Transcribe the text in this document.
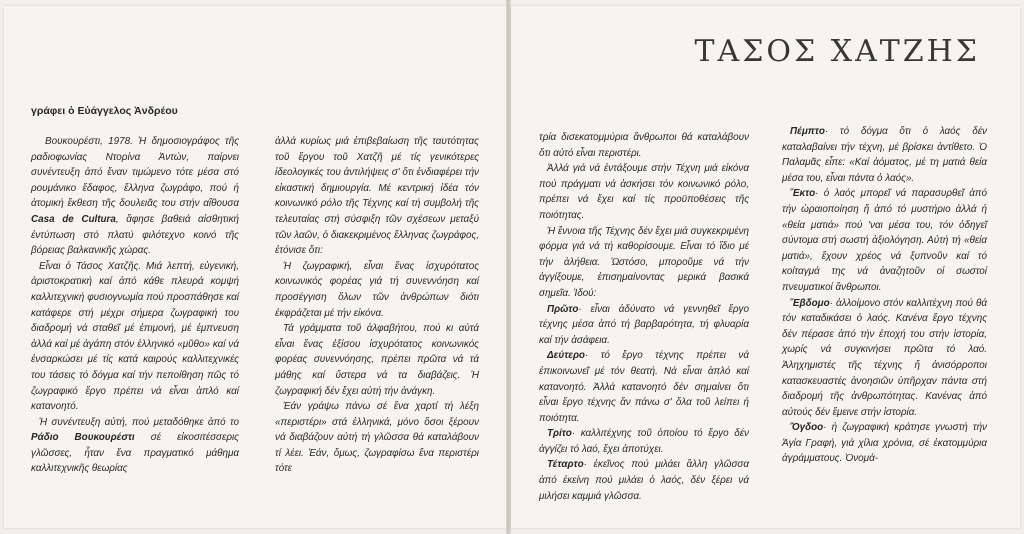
γράφει ὁ Εὐάγγελος Ἀνδρέου

Βουκουρέστι, 1978. Ἡ δημοσιογράφος τῆς ραδιοφωνίας Ντορίνα Ἀντών, παίρνει συνέντευξη ἀπό ἕναν τιμώμενο τότε μέσα στό ρουμάνικο ἔδαφος, ἕλληνα ζωγράφο, πού ἡ ἀτομική ἔκθεση τῆς δουλειᾶς του στήν αἴθουσα Casa de Cultura, ἄφησε βαθειά αἰσθητική ἐντύπωση στό πλατύ φιλότεχνο κοινό τῆς βόρειας βαλκανικῆς χώρας.

Εἶναι ὁ Τάσος Χατζῆς. Μιά λεπτή, εὐγενική, ἀριστοκρατική καί ἀπό κάθε πλευρά κομψή καλλιτεχνική φυσιογνωμία πού προσπάθησε καί κατάφερε στή μέχρι σήμερα ζωγραφική του διαδρομή νά σταθεῖ μέ ἐπιμονή, μέ ἐμπνευση ἀλλά καί μέ ἀγάπη στόν ἑλληνικό «μῦθο» καί νά ἐνσαρκώσει μέ τίς κατά καιρούς καλλιτεχνικές του τάσεις τό δόγμα καί τήν πεποίθηση πῶς τό ζωγραφικό ἔργο πρέπει νά εἶναι ἀπλό καί κατανοητό.

Ἡ συνέντευξη αὐτή, πού μεταδόθηκε ἀπό το Ράδιο Βουκουρέστι σέ εἰκοσιτέσσερις γλῶσσες, ἦταν ἕνα πραγματικό μάθημα καλλιτεχνικῆς θεωρίας

ἀλλά κυρίως μιά ἐπιβεβαίωση τῆς ταυτότητας τοῦ ἔργου τοῦ Χατζῆ μέ τίς γενικότερες ἰδεολογικές του ἀντιλήψεις σ' ὅτι ἐνδιαφέρει τήν εἰκαστική δημιουργία. Μέ κεντρική ἰδέα τόν κοινωνικό ρόλο τῆς Τέχνης καί τή συμβολή τῆς τελευταίας στή σύσφιξη τῶν σχέσεων μεταξύ τῶν λαῶν, ὁ διακεκριμένος ἕλληνας ζωγράφος, ἐτόνισε ὅτι:

Ἡ ζωγραφική, εἶναι ἕνας ἰσχυρότατος κοινωνικός φορέας γιά τή συνεννόηση καί προσέγγιση ὅλων τῶν ἀνθρώπων διότι ἐκφράζεται μέ τήν εἰκόνα.

Τά γράμματα τοῦ ἀλφαβήτου, πού κι αὐτά εἶναι ἕνας ἐξίσου ἰσχυρότατος κοινωνικός φορέας συνεννόησης, πρέπει πρῶτα νά τά μάθης καί ὕστερα νά τα διαβάζεις. Ἡ ζωγραφική δέν ἔχει αὐτή τήν ἀνάγκη.

Ἐάν γράψω πάνω σέ ἕνα χαρτί τή λέξη «περιστέρι» στά ἑλληνικά, μόνο ὅσοι ξέρουν νά διαβάζουν αὐτή τή γλῶσσα θά καταλάβουν τί λέει. Ἐάν, ὅμως, ζωγραφίσω ἕνα περιστέρι τότε

ΤΑΣΟΣ ΧΑΤΖΗΣ

τρία δισεκατομμύρια ἄνθρωποι θά καταλάβουν ὅτι αὐτό εἶναι περιστέρι.

Ἀλλά γιά νά ἐντάξουμε στήν Τέχνη μιά εἰκόνα πού πράγματι νά ἀσκήσει τόν κοινωνικό ρόλο, πρέπει νά ἔχει καί τίς προϋποθέσεις τῆς ποιότητας.

Ἡ ἔννοια τῆς Τέχνης δέν ἔχει μιά συγκεκριμένη φόρμα γιά νά τή καθορίσουμε. Εἶναι τό ἴδιο μέ τήν ἀλήθεια. Ὡστόσο, μποροῦμε νά τήν ἀγγίξουμε, ἐπισημαίνοντας μερικά βασικά σημεῖα. Ἰδού:

Πρῶτο· εἶναι ἀδύνατο νά γεννηθεῖ ἔργο τέχνης μέσα ἀπό τή βαρβαρότητα, τή φλυαρία καί τήν ἀσάφεια.

Δεύτερο· τό ἔργο τέχνης πρέπει νά ἐπικοινωνεῖ μέ τόν θεατή. Νά εἶναι ἁπλό καί κατανοητό. Ἀλλά κατανοητό δέν σημαίνει ὅτι εἶναι ἔργο τέχνης ἄν πάνω σ' ὅλα τοῦ λείπει ἡ ποιότητα.

Τρίτο· καλλιτέχνης τοῦ ὁποίου τό ἔργο δέν ἀγγίζει τό λαό, ἔχει ἀποτύχει.

Τέταρτο· ἐκεῖνος πού μιλάει ἄλλη γλῶσσα ἀπό ἐκείνη πού μιλάει ὁ λαός, δέν ξέρει νά μιλήσει καμμιά γλῶσσα.

Πέμπτο· τό δόγμα ὅτι ὁ λαός δέν καταλαβαίνει τήν τέχνη, μέ βρίσκει ἀντίθετο. Ὁ Παλαμᾶς εἶπε: «Καί ἀόματος, μέ τη ματιά θεία μέσα του, εἶναι πάντα ὁ λαός».

Ἕκτο· ὁ λαός μπορεῖ νά παρασυρθεῖ ἀπό τήν ὡραιοποίηση ἤ ἀπό τό μυστήριο ἀλλά ἡ «θεία ματιά» πού 'ναι μέσα του, τόν ὁδηγεῖ σύντομα στή σωστή ἀξιολόγηση. Αὐτή τή «θεία ματιά», ἔχουν χρέος νά ξυπνοῦν καί τό κοίταγμά της νά ἀναζητοῦν οἱ σωστοί πνευματικοί ἄνθρωποι.

Ἕβδομο· ἀλλοίμονο στόν καλλιτέχνη πού θά τόν καταδικάσει ὁ λαός. Κανένα ἔργο τέχνης δέν πέρασε ἀπό τήν ἐποχή του στήν ἱστορία, χωρίς νά συγκινήσει πρῶτα τό λαό. Ἀληχημιστές τῆς τέχνης ἤ ἀνισόρροποι κατασκευαστές ἀνοησιῶν ὑπῆρχαν πάντα στή διαδρομή τῆς ἀνθρωπότητας. Κανένας ἀπό αὐτούς δέν ἔμεινε στήν ἱστορία.

Ὄγδοο· ἡ ζωγραφική κράτησε γνωστή τήν Ἁγία Γραφή, γιά χίλια χρόνια, σέ ἑκατομμύρια ἀγράμματους. Ὀνομά-
